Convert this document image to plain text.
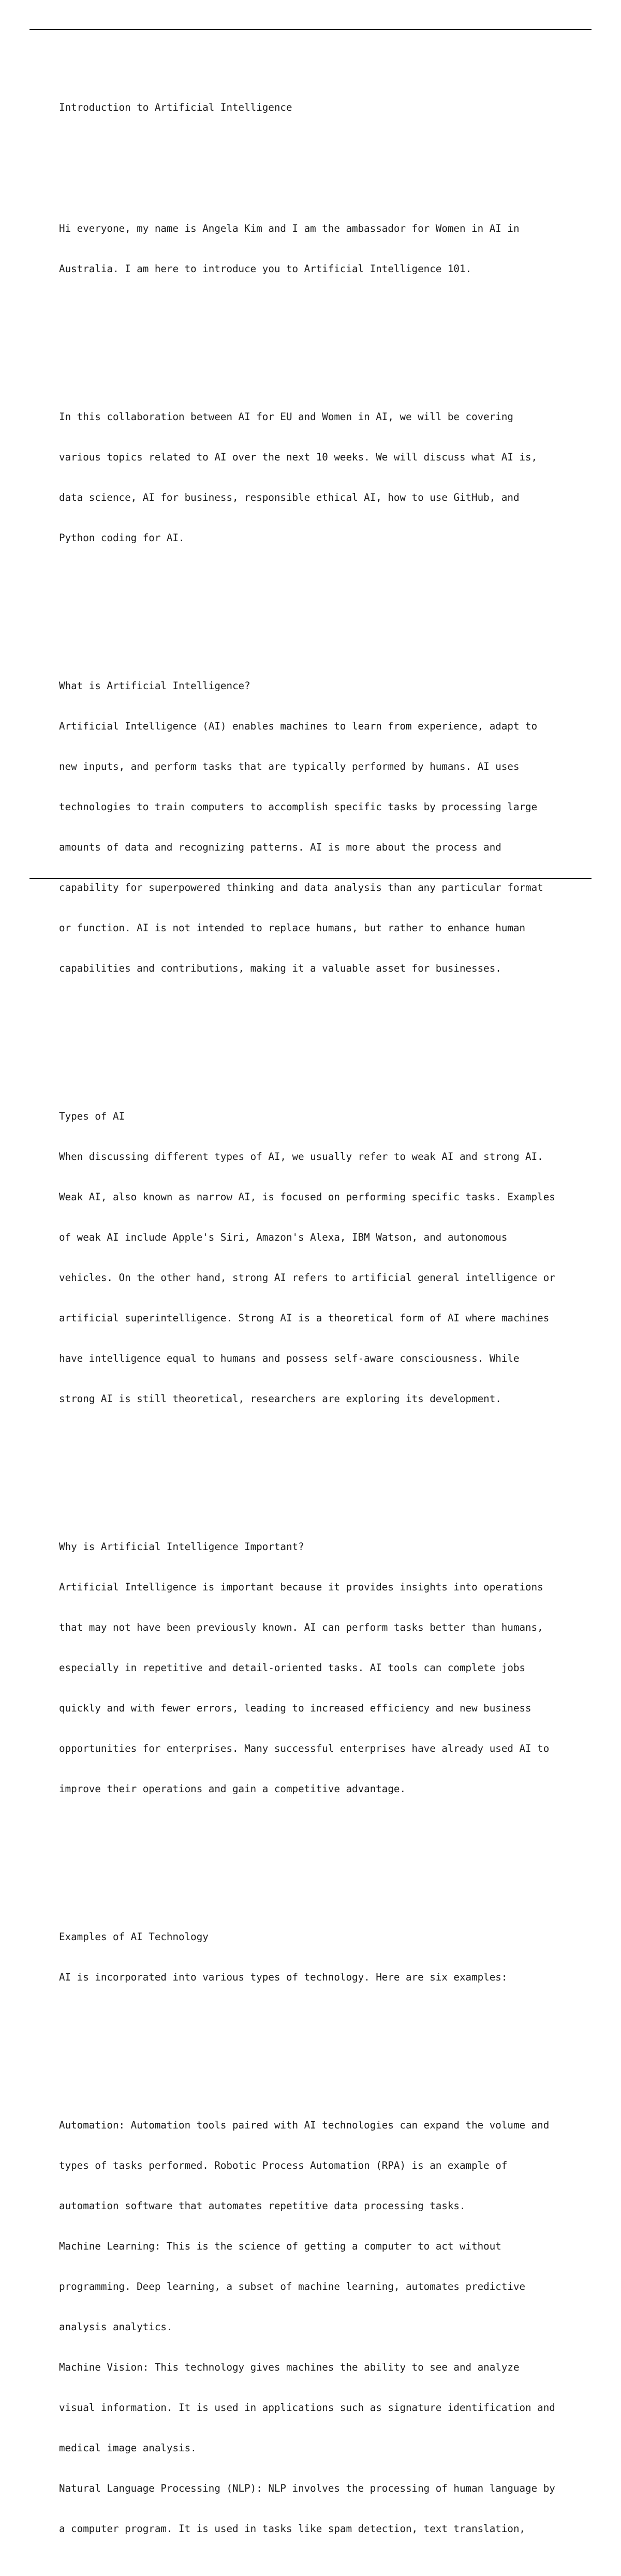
Introduction to Artificial Intelligence

Hi everyone, my name is Angela Kim and I am the ambassador for Women in AI in

Australia. I am here to introduce you to Artificial Intelligence 101.

In this collaboration between AI for EU and Women in AI, we will be covering

various topics related to AI over the next 10 weeks. We will discuss what AI is,

data science, AI for business, responsible ethical AI, how to use GitHub, and

Python coding for AI.

What is Artificial Intelligence?

Artificial Intelligence (AI) enables machines to learn from experience, adapt to

new inputs, and perform tasks that are typically performed by humans. AI uses

technologies to train computers to accomplish specific tasks by processing large

amounts of data and recognizing patterns. AI is more about the process and

capability for superpowered thinking and data analysis than any particular format

or function. AI is not intended to replace humans, but rather to enhance human

capabilities and contributions, making it a valuable asset for businesses.

Types of AI

When discussing different types of AI, we usually refer to weak AI and strong AI.

Weak AI, also known as narrow AI, is focused on performing specific tasks. Examples

of weak AI include Apple's Siri, Amazon's Alexa, IBM Watson, and autonomous

vehicles. On the other hand, strong AI refers to artificial general intelligence or

artificial superintelligence. Strong AI is a theoretical form of AI where machines

have intelligence equal to humans and possess self-aware consciousness. While

strong AI is still theoretical, researchers are exploring its development.

Why is Artificial Intelligence Important?

Artificial Intelligence is important because it provides insights into operations

that may not have been previously known. AI can perform tasks better than humans,

especially in repetitive and detail-oriented tasks. AI tools can complete jobs

quickly and with fewer errors, leading to increased efficiency and new business

opportunities for enterprises. Many successful enterprises have already used AI to

improve their operations and gain a competitive advantage.

Examples of AI Technology

AI is incorporated into various types of technology. Here are six examples:

Automation: Automation tools paired with AI technologies can expand the volume and

types of tasks performed. Robotic Process Automation (RPA) is an example of

automation software that automates repetitive data processing tasks.

Machine Learning: This is the science of getting a computer to act without

programming. Deep learning, a subset of machine learning, automates predictive

analysis analytics.

Machine Vision: This technology gives machines the ability to see and analyze

visual information. It is used in applications such as signature identification and

medical image analysis.

Natural Language Processing (NLP): NLP involves the processing of human language by

a computer program. It is used in tasks like spam detection, text translation,
